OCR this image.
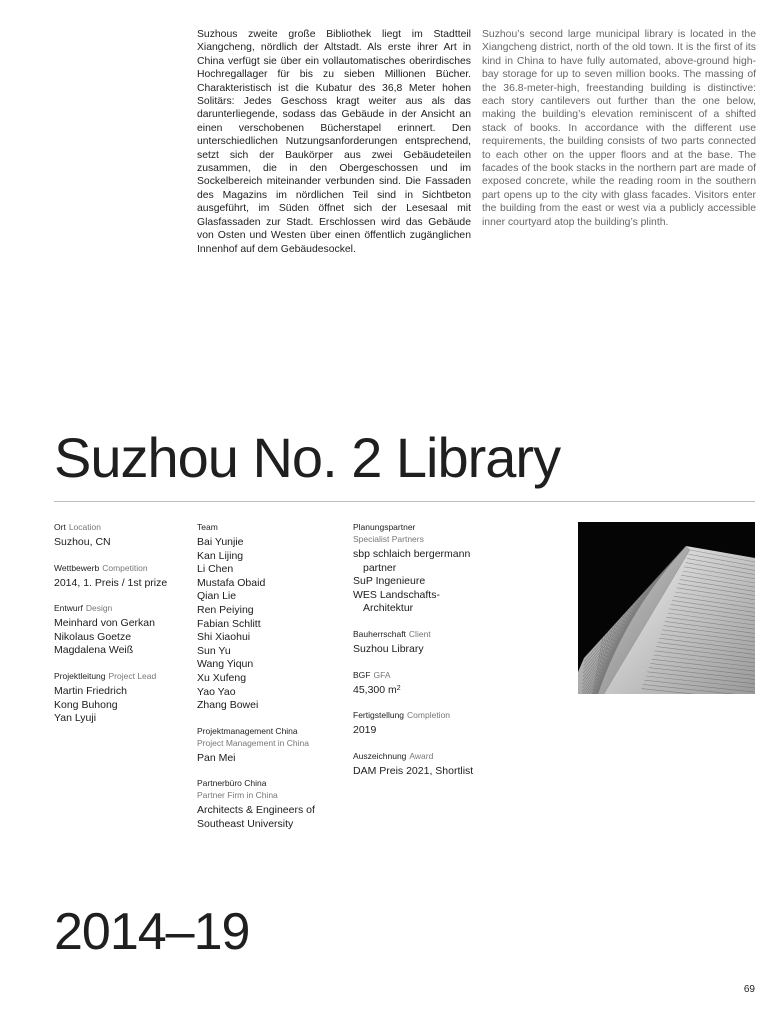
Suzhous zweite große Bibliothek liegt im Stadtteil Xiangcheng, nördlich der Altstadt. Als erste ihrer Art in China verfügt sie über ein vollautomatisches oberirdisches Hochregallager für bis zu sieben Millionen Bücher. Charakteristisch ist die Kubatur des 36,8 Meter hohen Solitärs: Jedes Geschoss kragt weiter aus als das darunterliegende, sodass das Gebäude in der Ansicht an einen verschobenen Bücherstapel erinnert. Den unterschiedlichen Nutzungsanforderungen entsprechend, setzt sich der Baukörper aus zwei Gebäudeteilen zusammen, die in den Obergeschossen und im Sockelbereich miteinander verbunden sind. Die Fassaden des Magazins im nördlichen Teil sind in Sichtbeton ausgeführt, im Süden öffnet sich der Lesesaal mit Glasfassaden zur Stadt. Erschlossen wird das Gebäude von Osten und Westen über einen öffentlich zugänglichen Innenhof auf dem Gebäudesockel.

Suzhou’s second large municipal library is located in the Xiangcheng district, north of the old town. It is the first of its kind in China to have fully automated, above-ground high-bay storage for up to seven million books. The massing of the 36.8-meter-high, freestanding building is distinctive: each story cantilevers out further than the one below, making the building’s elevation reminiscent of a shifted stack of books. In accordance with the different use requirements, the building consists of two parts connected to each other on the upper floors and at the base. The facades of the book stacks in the northern part are made of exposed concrete, while the reading room in the southern part opens up to the city with glass facades. Visitors enter the building from the east or west via a publicly accessible inner courtyard atop the building’s plinth.

Suzhou No. 2 Library
Ort Location
Suzhou, CN
Wettbewerb Competition
2014, 1. Preis / 1st prize
Entwurf Design
Meinhard von Gerkan
Nikolaus Goetze
Magdalena Weiß
Projektleitung Project Lead
Martin Friedrich
Kong Buhong
Yan Lyuji
Team
Bai Yunjie
Kan Lijing
Li Chen
Mustafa Obaid
Qian Lie
Ren Peiying
Fabian Schlitt
Shi Xiaohui
Sun Yu
Wang Yiqun
Xu Xufeng
Yao Yao
Zhang Bowei
Projektmanagement China
Project Management in China
Pan Mei
Partnerbüro China
Partner Firm in China
Architects & Engineers of
Southeast University
Planungspartner
Specialist Partners
sbp schlaich bergermann
partner
SuP Ingenieure
WES Landschafts-
Architektur
Bauherrschaft Client
Suzhou Library
BGF GFA
45,300 $m^2$
Fertigstellung Completion
2019
Auszeichnung Award
DAM Preis 2021, Shortlist
2014–19
69
